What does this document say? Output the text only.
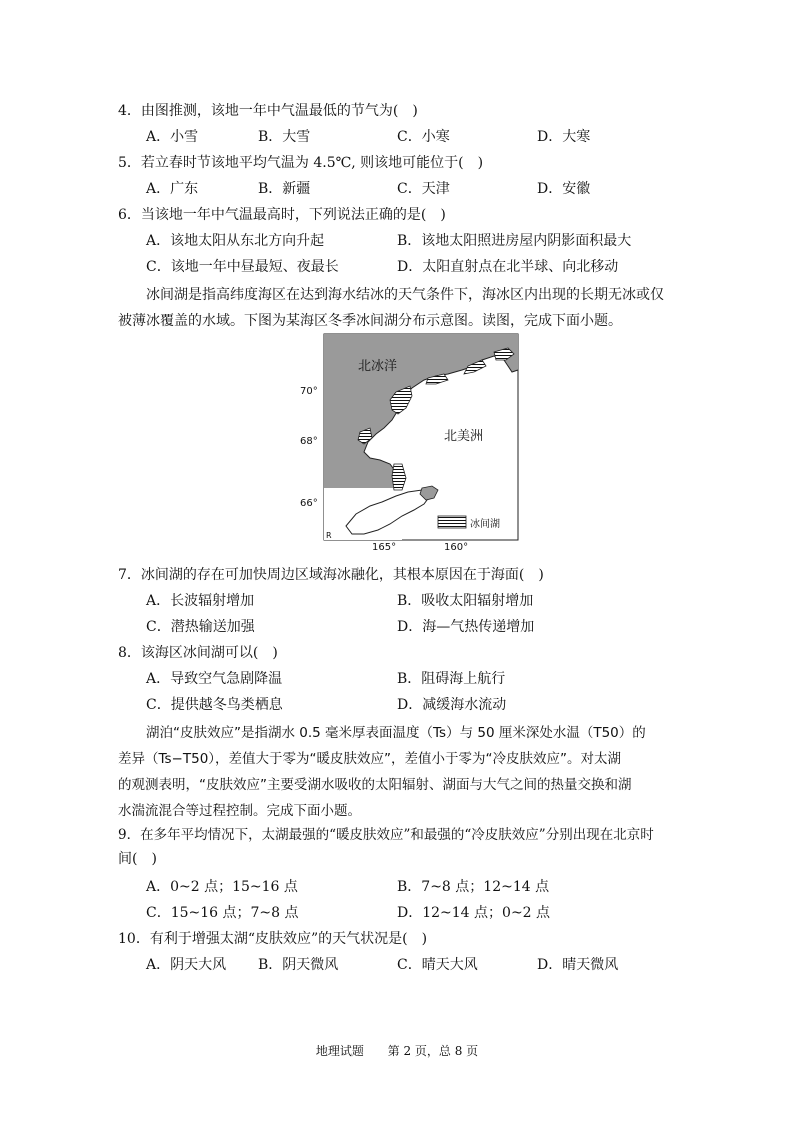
4．由图推测，该地一年中气温最低的节气为(　)
A．小雪	B．大雪	C．小寒	D．大寒
5．若立春时节该地平均气温为 4.5℃, 则该地可能位于(　)
A．广东	B．新疆	C．天津	D．安徽
6．当该地一年中气温最高时，下列说法正确的是(　)
A．该地太阳从东北方向升起	B．该地太阳照进房屋内阴影面积最大
C．该地一年中昼最短、夜最长	D．太阳直射点在北半球、向北移动
冰间湖是指高纬度海区在达到海水结冰的天气条件下，海冰区内出现的长期无冰或仅
被薄冰覆盖的水域。下图为某海区冬季冰间湖分布示意图。读图，完成下面小题。
北冰洋
北美洲
70°
68°
66°
165°	160°
R
冰间湖
7．冰间湖的存在可加快周边区域海冰融化，其根本原因在于海面(　)
A．长波辐射增加	B．吸收太阳辐射增加
C．潜热输送加强	D．海—气热传递增加
8．该海区冰间湖可以(　)
A．导致空气急剧降温	B．阻碍海上航行
C．提供越冬鸟类栖息	D．减缓海水流动
湖泊“皮肤效应”是指湖水 0.5 毫米厚表面温度（Ts）与 50 厘米深处水温（T50）的
差异（Ts−T50），差值大于零为“暖皮肤效应”，差值小于零为“冷皮肤效应”。对太湖
的观测表明，“皮肤效应”主要受湖水吸收的太阳辐射、湖面与大气之间的热量交换和湖
水湍流混合等过程控制。完成下面小题。
9．在多年平均情况下，太湖最强的“暖皮肤效应”和最强的“冷皮肤效应”分别出现在北京时
间(　)
A．0~2 点；15~16 点	B．7~8 点；12~14 点
C．15~16 点；7~8 点	D．12~14 点；0~2 点
10．有利于增强太湖“皮肤效应”的天气状况是(　)
A．阴天大风 B．阴天微风	C．晴天大风	D．晴天微风
地理试题 第 2 页，总 8 页
